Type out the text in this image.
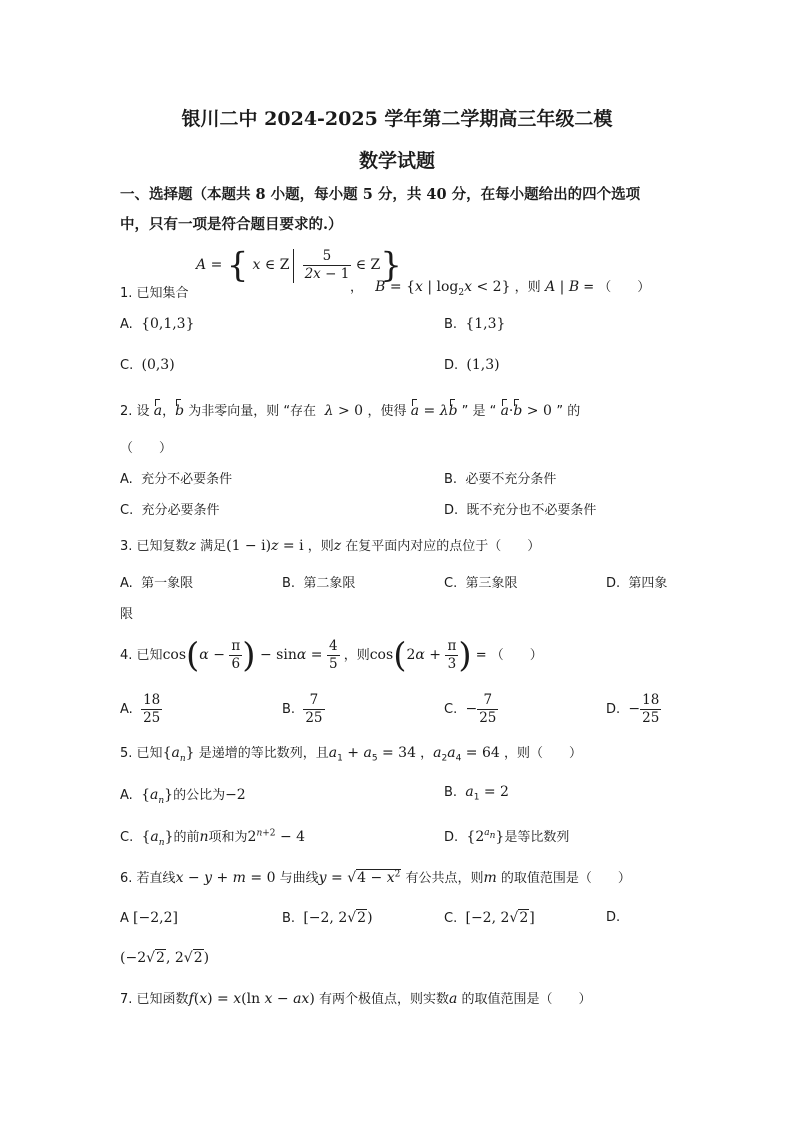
银川二中 2024-2025 学年第二学期高三年级二模
数学试题
一、选择题（本题共 8 小题，每小题 5 分，共 40 分，在每小题给出的四个选项
中，只有一项是符合题目要求的.）
A = { x ∈ Z $\frac{5}{2x - 1}$ ∈ Z}
1. 已知集合	， B = {x | $\log_2x < 2$} ，则 A | B = （　　）
A.  {0,1,3}	B.  {1,3}
C.  (0,3)	D.  (1,3)
2. 设 a，b 为非零向量，则 “存在  λ > 0 ，使得 a = λb ” 是 “ a·b > 0 ” 的
（　　）
A.  充分不必要条件	B.  必要不充分条件
C.  充分必要条件	D.  既不充分也不必要条件
3. 已知复数z 满足(1 − i)z = i ，则z 在复平面内对应的点位于（　　）
A.  第一象限	B.  第二象限	C.  第三象限	D.  第四象
限
4. 已知$\cos(\alpha - \frac{\pi}{6}$ ) − $\sin\alpha = \frac{4}{5}$ ，则$\cos(2\alpha + \frac{\pi}{3}$ ) = （　　）
A. $\frac{18}{25}$	B. $\frac{7}{25}$	C.  − $\frac{7}{25}$	D.  − $\frac{18}{25}$
5. 已知$\{a_n\}$ 是递增的等比数列，且$a_1 + a_5 = 34$ ，$a_2a_4 = 64$ ，则（　　）
A.  $\{a_n\}$的公比为−2	B.  $a_1 = 2$
C.  $\{a_n\}$的前n项和为$2^{n+2} - 4$	D.  $\{2^{a_n}\}$是等比数列
6. 若直线x − y + m = 0 与曲线$y = √4 - x^2$ 有公共点，则m 的取值范围是（　　）
A [−2,2]	B.  [−2, 2√2)	C.  [−2, 2√2]	D.
(−2√2, 2√2)
7. 已知函数f(x) = x(ln x − ax) 有两个极值点，则实数a 的取值范围是（　　）
